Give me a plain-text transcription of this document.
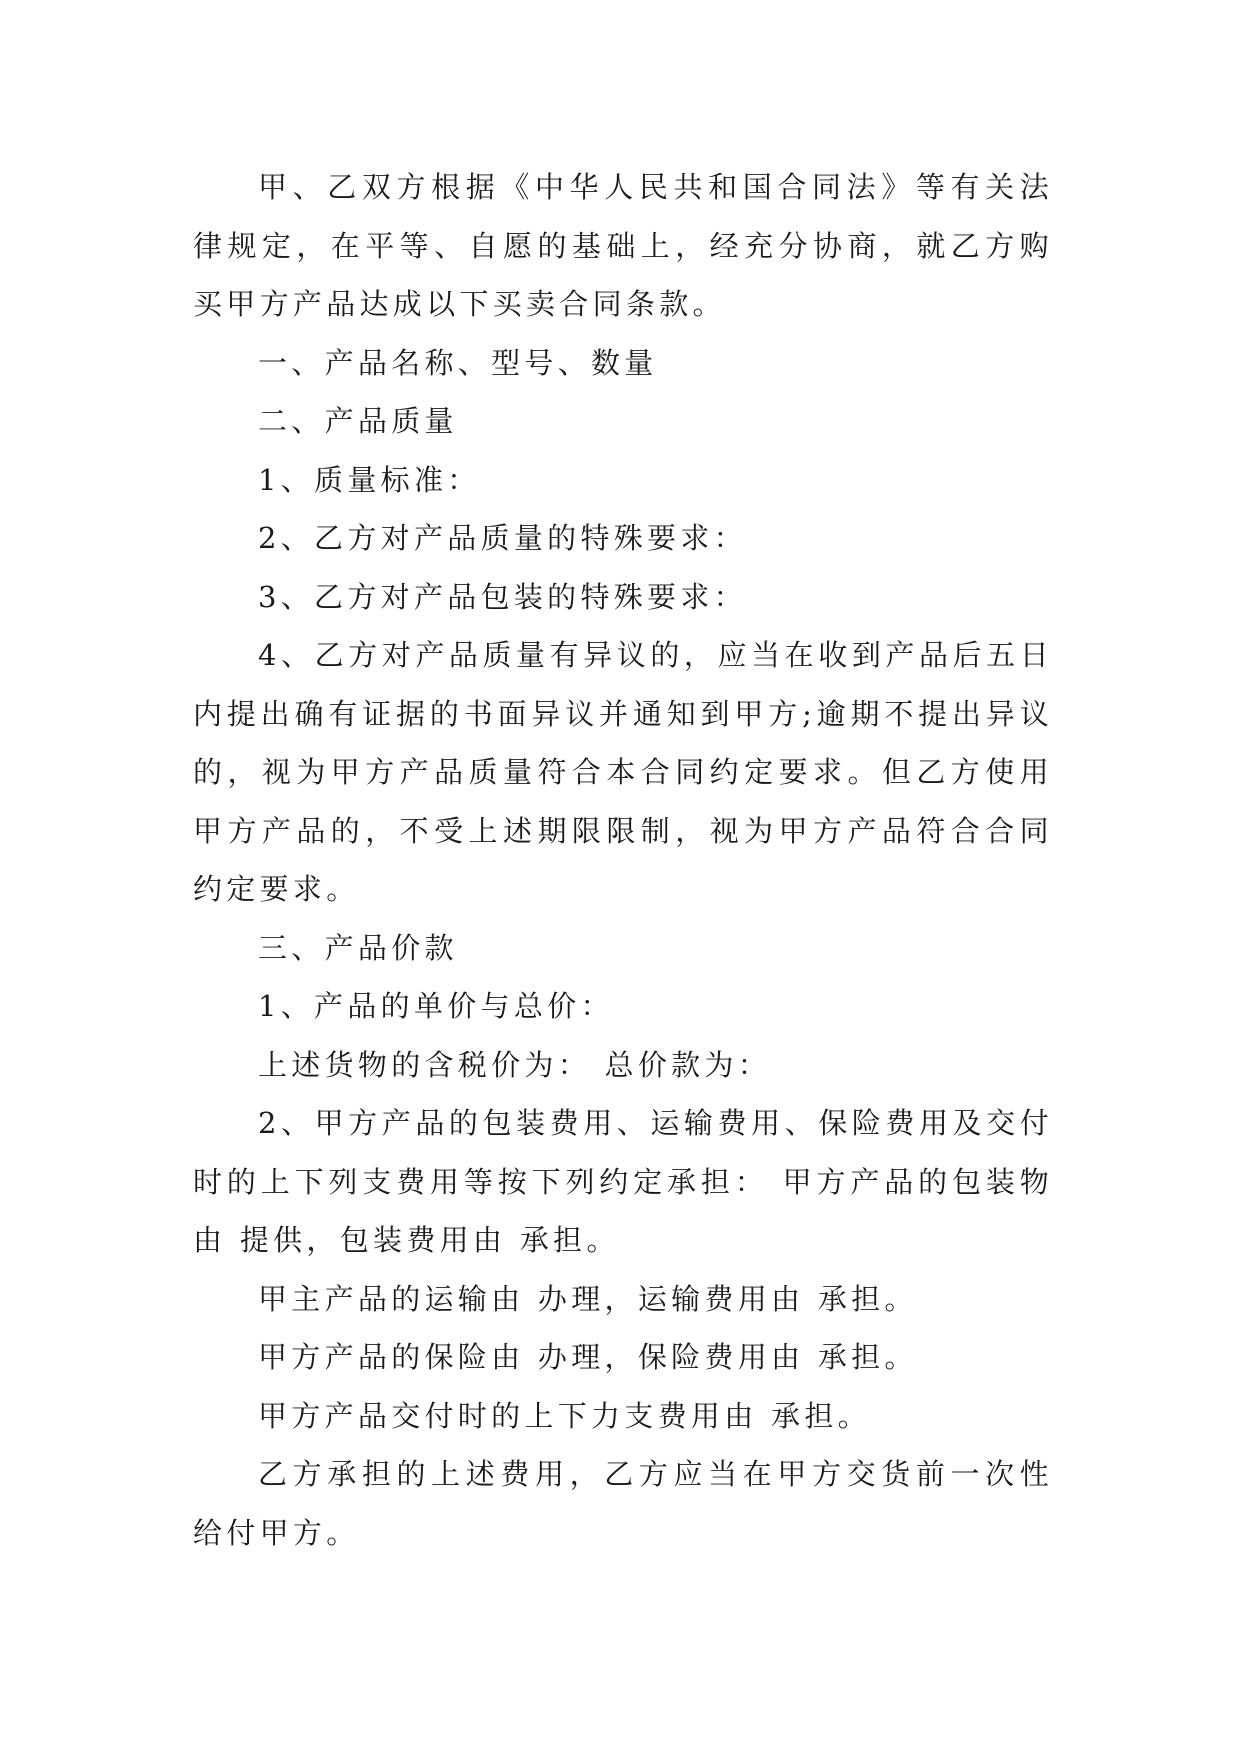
甲、乙双方根据《中华人民共和国合同法》等有关法律规定，在平等、自愿的基础上，经充分协商，就乙方购买甲方产品达成以下买卖合同条款。

一、产品名称、型号、数量

二、产品质量

1、质量标准：

2、乙方对产品质量的特殊要求：

3、乙方对产品包装的特殊要求：

4、乙方对产品质量有异议的，应当在收到产品后五日内提出确有证据的书面异议并通知到甲方;逾期不提出异议的，视为甲方产品质量符合本合同约定要求。但乙方使用甲方产品的，不受上述期限限制，视为甲方产品符合合同约定要求。

三、产品价款

1、产品的单价与总价：

上述货物的含税价为： 总价款为：

2、甲方产品的包装费用、运输费用、保险费用及交付时的上下列支费用等按下列约定承担： 甲方产品的包装物由 提供，包装费用由 承担。

甲主产品的运输由 办理，运输费用由 承担。

甲方产品的保险由 办理，保险费用由 承担。

甲方产品交付时的上下力支费用由 承担。

乙方承担的上述费用，乙方应当在甲方交货前一次性给付甲方。
